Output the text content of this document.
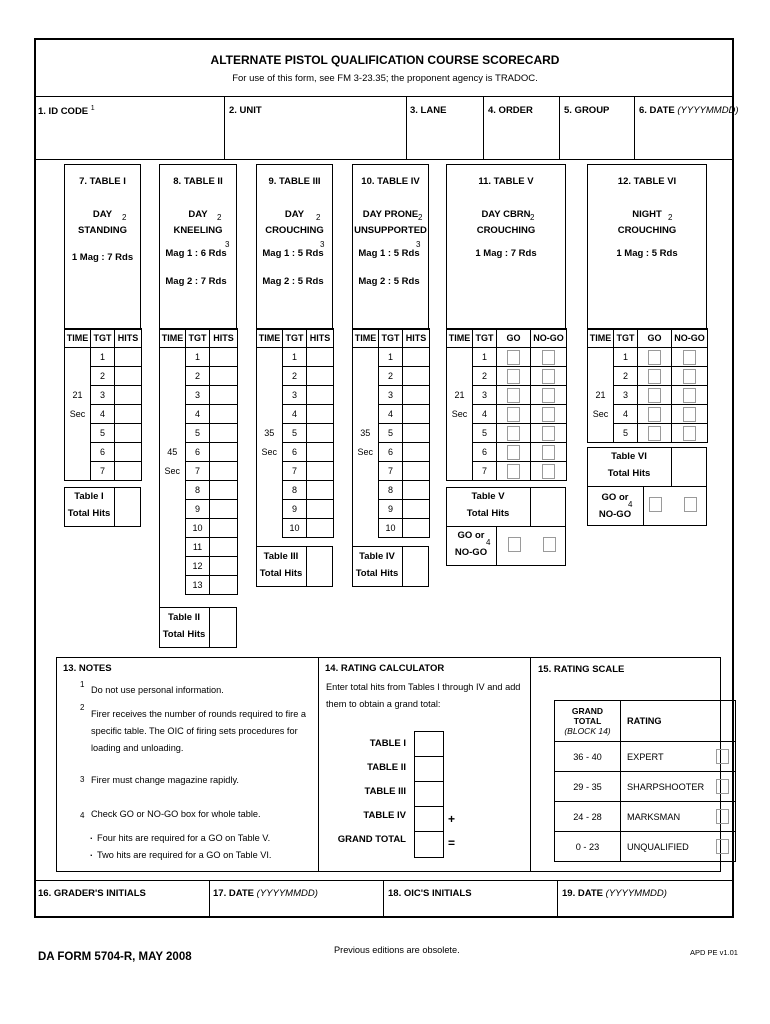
ALTERNATE PISTOL QUALIFICATION COURSE SCORECARD
For use of this form, see FM 3-23.35; the proponent agency is TRADOC.
1. ID CODE $^1$	2. UNIT	3. LANE	4. ORDER	5. GROUP	6. DATE (YYYYMMDD)
7. TABLE I
DAY
STANDING
2
1 Mag : 7 Rds
TIME	TGT	HITS
	1	
	2	
21	3	
Sec	4	
	5	
	6	
	7	
Table I
Total Hits
8. TABLE II
DAY
KNEELING
2
Mag 1 : 6 Rds
3
Mag 2 : 7 Rds
TIME	TGT	HITS
	1	
	2	
	3	
	4	
	5	
45	6	
Sec	7	
	8	
	9	
	10	
	11	
	12	
	13	
Table II
Total Hits
9. TABLE III
DAY
CROUCHING
2
Mag 1 : 5 Rds
3
Mag 2 : 5 Rds
TIME	TGT	HITS
	1	
	2	
	3	
	4	
35	5	
Sec	6	
	7	
	8	
	9	
	10	
Table III
Total Hits
10. TABLE IV
DAY PRONE
UNSUPPORTED
2
Mag 1 : 5 Rds
3
Mag 2 : 5 Rds
TIME	TGT	HITS
	1	
	2	
	3	
	4	
35	5	
Sec	6	
	7	
	8	
	9	
	10	
Table IV
Total Hits
11. TABLE V
DAY CBRN
CROUCHING
2
1 Mag : 7 Rds
TIME	TGT	GO	NO-GO
	1		
	2		
21	3		
Sec	4		
	5		
	6		
	7		
Table V
Total Hits
GO or
4
NO-GO
12. TABLE VI
NIGHT
CROUCHING
2
1 Mag : 5 Rds
TIME	TGT	GO	NO-GO
	1		
	2		
21	3		
Sec	4		
	5		
Table VI
Total Hits
GO or
4
NO-GO
13. NOTES
1
Do not use personal information.
2
Firer receives the number of rounds required to fire a
specific table. The OIC of firing sets procedures for
loading and unloading.
3 Firer must change magazine rapidly.
4 Check GO or NO-GO box for whole table.
. Four hits are required for a GO on Table V.
. Two hits are required for a GO on Table VI.
14. RATING CALCULATOR
Enter total hits from Tables I through IV and add
them to obtain a grand total:
TABLE I
TABLE II
TABLE III
TABLE IV
GRAND TOTAL
+
=
15. RATING SCALE
GRAND TOTAL
(BLOCK 14)	RATING	
36 - 40	EXPERT	
29 - 35	SHARPSHOOTER	
24 - 28	MARKSMAN	
0 - 23	UNQUALIFIED	
16. GRADER'S INITIALS	17. DATE (YYYYMMDD)	18. OIC'S INITIALS	19. DATE (YYYYMMDD)
DA FORM 5704-R, MAY 2008
Previous editions are obsolete.	APD PE v1.01
